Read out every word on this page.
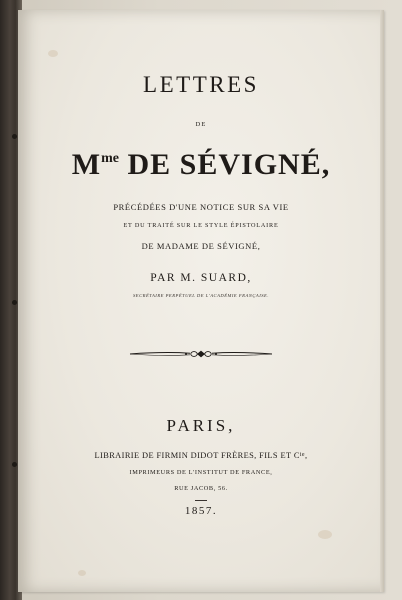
LETTRES
DE
$M^{me}$ DE SÉVIGNÉ,
PRÉCÉDÉES D'UNE NOTICE SUR SA VIE
ET DU TRAITÉ SUR LE STYLE ÉPISTOLAIRE
DE MADAME DE SÉVIGNÉ,
PAR M. SUARD,
SECRÉTAIRE PERPÉTUEL DE L'ACADÉMIE FRANÇAISE.
PARIS,
LIBRAIRIE DE FIRMIN DIDOT FRÈRES, FILS ET $C^{ie}$,
IMPRIMEURS DE L'INSTITUT DE FRANCE,
RUE JACOB, 56.
1857.
